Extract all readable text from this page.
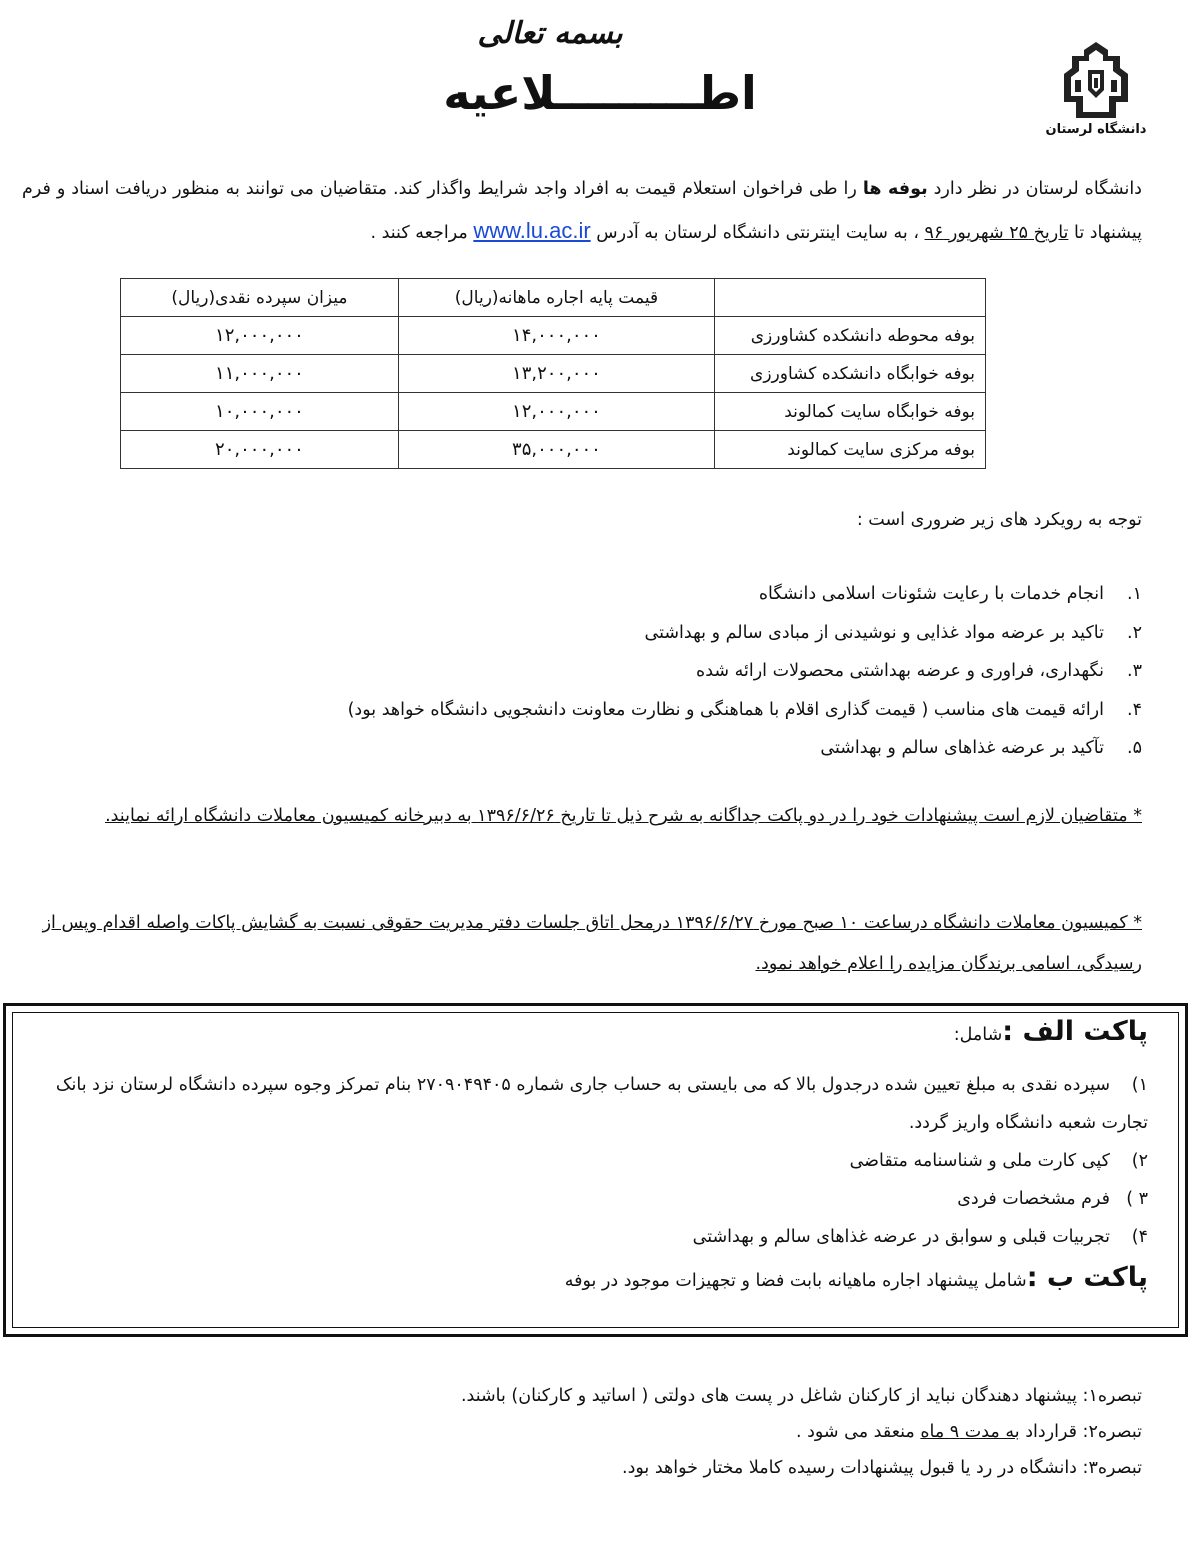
بسمه تعالی
اطـــــــــلاعیه
دانشگاه لرستان
دانشگاه لرستان در نظر دارد بوفه ها را طی فراخوان استعلام قیمت به افراد واجد شرایط واگذار کند. متقاضیان می توانند به منظور دریافت اسناد و فرم پیشنهاد تا تاریخ ۲۵ شهریور ۹۶ ، به سایت اینترنتی دانشگاه لرستان به آدرس www.lu.ac.ir مراجعه کنند .
	قیمت پایه اجاره ماهانه(ریال)	میزان سپرده نقدی(ریال)
بوفه محوطه دانشکده کشاورزی	۱۴,۰۰۰,۰۰۰	۱۲,۰۰۰,۰۰۰
بوفه خوابگاه دانشکده کشاورزی	۱۳,۲۰۰,۰۰۰	۱۱,۰۰۰,۰۰۰
بوفه خوابگاه سایت کمالوند	۱۲,۰۰۰,۰۰۰	۱۰,۰۰۰,۰۰۰
بوفه مرکزی سایت کمالوند	۳۵,۰۰۰,۰۰۰	۲۰,۰۰۰,۰۰۰
توجه به رویکرد های زیر ضروری است :
۱.انجام خدمات با رعایت شئونات اسلامی دانشگاه
۲.تاکید بر عرضه مواد غذایی و نوشیدنی از مبادی سالم و بهداشتی
۳.نگهداری، فراوری و عرضه بهداشتی محصولات ارائه شده
۴.ارائه قیمت های مناسب ( قیمت گذاری اقلام با هماهنگی و نظارت معاونت دانشجویی دانشگاه خواهد بود)
۵.تآکید بر عرضه غذاهای سالم و بهداشتی
* متقاضیان لازم است پیشنهادات خود را در دو پاکت جداگانه به شرح ذیل تا تاریخ ۱۳۹۶/۶/۲۶ به دبیرخانه کمیسیون معاملات دانشگاه ارائه نمایند.
* کمیسیون معاملات دانشگاه درساعت ۱۰ صبح مورخ ۱۳۹۶/۶/۲۷ درمحل اتاق جلسات دفتر مدیریت حقوقی نسبت به گشایش پاکات واصله اقدام وپس از رسیدگی، اسامی برندگان مزایده را اعلام خواهد نمود.
پاکت الف :شامل:
۱)سپرده نقدی به مبلغ تعیین شده درجدول بالا که می بایستی به حساب جاری شماره ۲۷۰۹۰۴۹۴۰۵ بنام تمرکز وجوه سپرده دانشگاه لرستان نزد بانک تجارت شعبه دانشگاه واریز گردد.
۲)کپی کارت ملی و شناسنامه متقاضی
۳ )فرم مشخصات فردی
۴)تجربیات قبلی و سوابق در عرضه غذاهای سالم و بهداشتی
پاکت ب :شامل پیشنهاد اجاره ماهیانه بابت فضا و تجهیزات موجود در بوفه
تبصره۱: پیشنهاد دهندگان نباید از کارکنان شاغل در پست های دولتی ( اساتید و کارکنان) باشند.
تبصره۲: قرارداد به مدت ۹ ماه منعقد می شود .
تبصره۳: دانشگاه در رد یا قبول پیشنهادات رسیده کاملا مختار خواهد بود.
